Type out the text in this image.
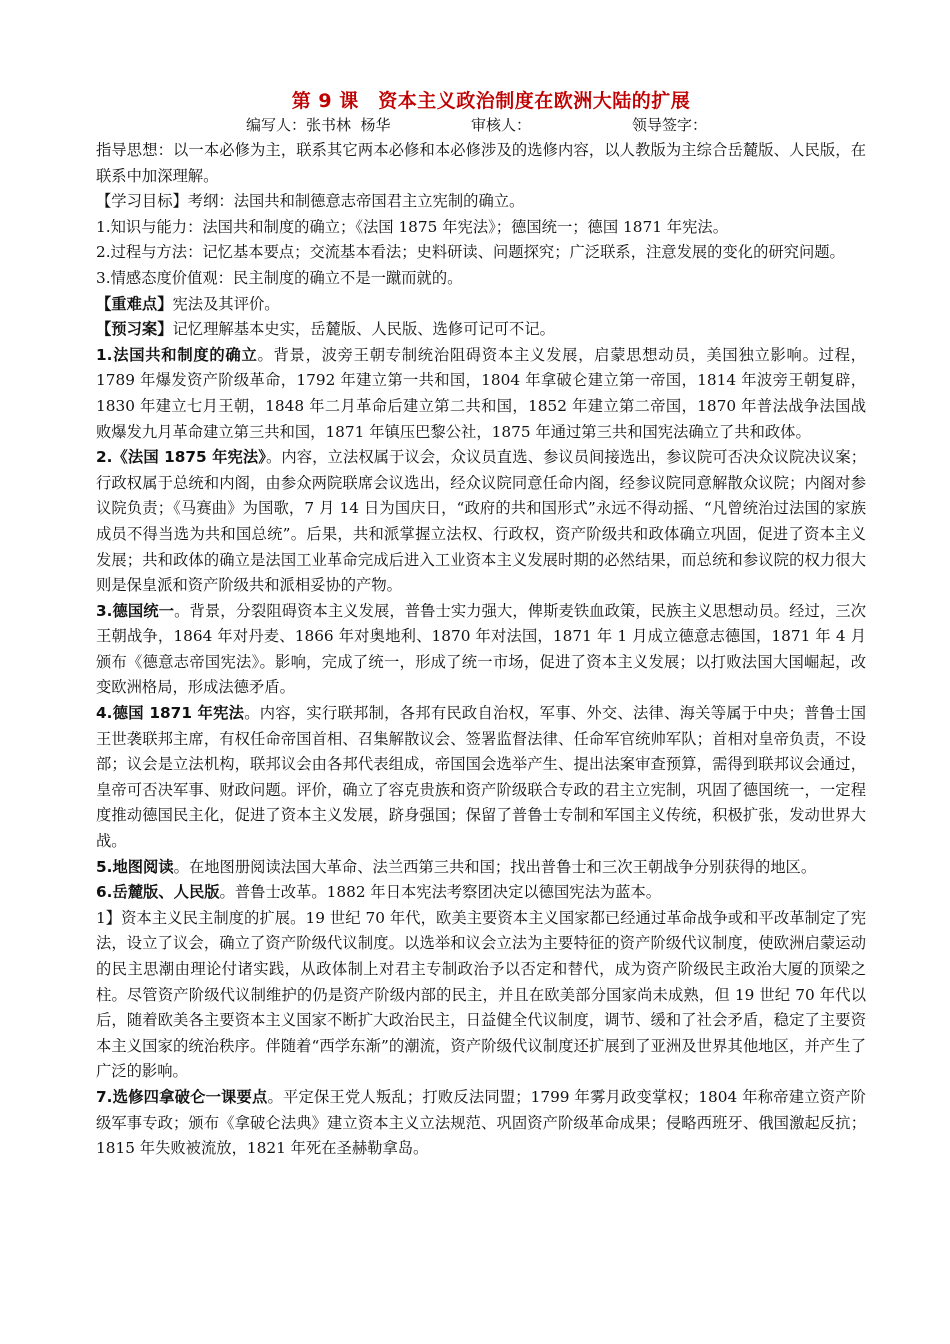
第 9 课　资本主义政治制度在欧洲大陆的扩展
编写人：张书林  杨华	审核人：	领导签字：

指导思想：以一本必修为主，联系其它两本必修和本必修涉及的选修内容，以人教版为主综合岳麓版、人民版，在联系中加深理解。

【学习目标】考纲：法国共和制德意志帝国君主立宪制的确立。

1.知识与能力：法国共和制度的确立；《法国 1875 年宪法》；德国统一；德国 1871 年宪法。

2.过程与方法：记忆基本要点；交流基本看法；史料研读、问题探究；广泛联系，注意发展的变化的研究问题。

3.情感态度价值观：民主制度的确立不是一蹴而就的。

【重难点】宪法及其评价。

【预习案】记忆理解基本史实，岳麓版、人民版、选修可记可不记。

1.法国共和制度的确立。背景，波旁王朝专制统治阻碍资本主义发展，启蒙思想动员，美国独立影响。过程，1789 年爆发资产阶级革命，1792 年建立第一共和国，1804 年拿破仑建立第一帝国，1814 年波旁王朝复辟，1830 年建立七月王朝，1848 年二月革命后建立第二共和国，1852 年建立第二帝国，1870 年普法战争法国战败爆发九月革命建立第三共和国，1871 年镇压巴黎公社，1875 年通过第三共和国宪法确立了共和政体。

2.《法国 1875 年宪法》。内容，立法权属于议会，众议员直选、参议员间接选出，参议院可否决众议院决议案；行政权属于总统和内阁，由参众两院联席会议选出，经众议院同意任命内阁，经参议院同意解散众议院；内阁对参议院负责；《马赛曲》为国歌，7 月 14 日为国庆日，“政府的共和国形式”永远不得动摇、“凡曾统治过法国的家族成员不得当选为共和国总统”。后果，共和派掌握立法权、行政权，资产阶级共和政体确立巩固，促进了资本主义发展；共和政体的确立是法国工业革命完成后进入工业资本主义发展时期的必然结果，而总统和参议院的权力很大则是保皇派和资产阶级共和派相妥协的产物。

3.德国统一。背景，分裂阻碍资本主义发展，普鲁士实力强大，俾斯麦铁血政策，民族主义思想动员。经过，三次王朝战争，1864 年对丹麦、1866 年对奥地利、1870 年对法国，1871 年 1 月成立德意志德国，1871 年 4 月颁布《德意志帝国宪法》。影响，完成了统一，形成了统一市场，促进了资本主义发展；以打败法国大国崛起，改变欧洲格局，形成法德矛盾。

4.德国 1871 年宪法。内容，实行联邦制，各邦有民政自治权，军事、外交、法律、海关等属于中央；普鲁士国王世袭联邦主席，有权任命帝国首相、召集解散议会、签署监督法律、任命军官统帅军队；首相对皇帝负责，不设部；议会是立法机构，联邦议会由各邦代表组成，帝国国会选举产生、提出法案审查预算，需得到联邦议会通过，皇帝可否决军事、财政问题。评价，确立了容克贵族和资产阶级联合专政的君主立宪制，巩固了德国统一，一定程度推动德国民主化，促进了资本主义发展，跻身强国；保留了普鲁士专制和军国主义传统，积极扩张，发动世界大战。

5.地图阅读。在地图册阅读法国大革命、法兰西第三共和国；找出普鲁士和三次王朝战争分别获得的地区。

6.岳麓版、人民版。普鲁士改革。1882 年日本宪法考察团决定以德国宪法为蓝本。

1】资本主义民主制度的扩展。19 世纪 70 年代，欧美主要资本主义国家都已经通过革命战争或和平改革制定了宪法，设立了议会，确立了资产阶级代议制度。以选举和议会立法为主要特征的资产阶级代议制度，使欧洲启蒙运动的民主思潮由理论付诸实践，从政体制上对君主专制政治予以否定和替代，成为资产阶级民主政治大厦的顶梁之柱。尽管资产阶级代议制维护的仍是资产阶级内部的民主，并且在欧美部分国家尚未成熟，但 19 世纪 70 年代以后，随着欧美各主要资本主义国家不断扩大政治民主，日益健全代议制度，调节、缓和了社会矛盾，稳定了主要资本主义国家的统治秩序。伴随着“西学东渐”的潮流，资产阶级代议制度还扩展到了亚洲及世界其他地区，并产生了广泛的影响。

7.选修四拿破仑一课要点。平定保王党人叛乱；打败反法同盟；1799 年雾月政变掌权；1804 年称帝建立资产阶级军事专政；颁布《拿破仑法典》建立资本主义立法规范、巩固资产阶级革命成果；侵略西班牙、俄国激起反抗；1815 年失败被流放，1821 年死在圣赫勒拿岛。
